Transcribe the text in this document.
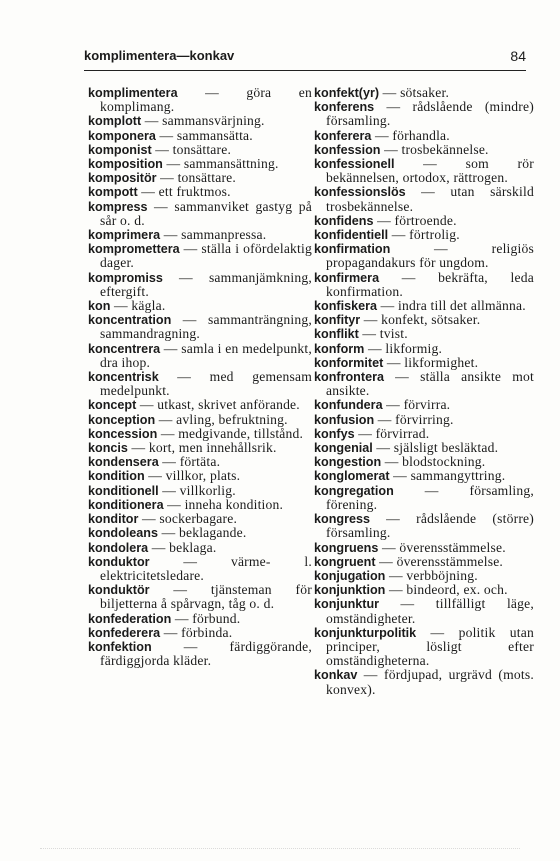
komplimentera—konkav	84

komplimentera — göra en komplimang.

komplott — sammansvärjning.

komponera — sammansätta.

komponist — tonsättare.

komposition — sammansättning.

kompositör — tonsättare.

kompott — ett fruktmos.

kompress — sammanviket gastyg på sår o. d.

komprimera — sammanpressa.

komprometterа — ställa i ofördelaktig dager.

kompromiss — sammanjämkning, eftergift.

kon — kägla.

koncentration — sammanträngning, sammandragning.

koncentrera — samla i en medelpunkt, dra ihop.

koncentrisk — med gemensam medelpunkt.

koncept — utkast, skrivet anförande.

konception — avling, befruktning.

koncession — medgivande, tillstånd.

koncis — kort, men innehållsrik.

kondensera — förtäta.

kondition — villkor, plats.

konditionell — villkorlig.

konditionera — inneha kondition.

konditor — sockerbagare.

kondoleans — beklagande.

kondolera — beklaga.

konduktor — värme- l. elektricitetsledare.

konduktör — tjänsteman för biljetterna å spårvagn, tåg o. d.

konfederation — förbund.

konfederera — förbinda.

konfektion — färdiggörande, färdiggjorda kläder.

konfekt(yr) — sötsaker.

konferens — rådslående (mindre) församling.

konferera — förhandla.

konfession — trosbekännelse.

konfessionell — som rör bekännelsen, ortodox, rättrogen.

konfessionslös — utan särskild trosbekännelse.

konfidens — förtroende.

konfidentiell — förtrolig.

konfirmation — religiös propagandakurs för ungdom.

konfirmera — bekräfta, leda konfirmation.

konfiskera — indra till det allmänna.

konfityr — konfekt, sötsaker.

konflikt — tvist.

konform — likformig.

konformitet — likformighet.

konfrontera — ställa ansikte mot ansikte.

konfundera — förvirra.

konfusion — förvirring.

konfys — förvirrad.

kongenial — själsligt besläktad.

kongestion — blodstockning.

konglomerat — sammangyttring.

kongregation — församling, förening.

kongress — rådslående (större) församling.

kongruens — överensstämmelse.

kongruent — överensstämmelse.

konjugation — verbböjning.

konjunktion — bindeord, ex. och.

konjunktur — tillfälligt läge, omständigheter.

konjunkturpolitik — politik utan principer, lösligt efter omständigheterna.

konkav — fördjupad, urgrävd (mots. konvex).
